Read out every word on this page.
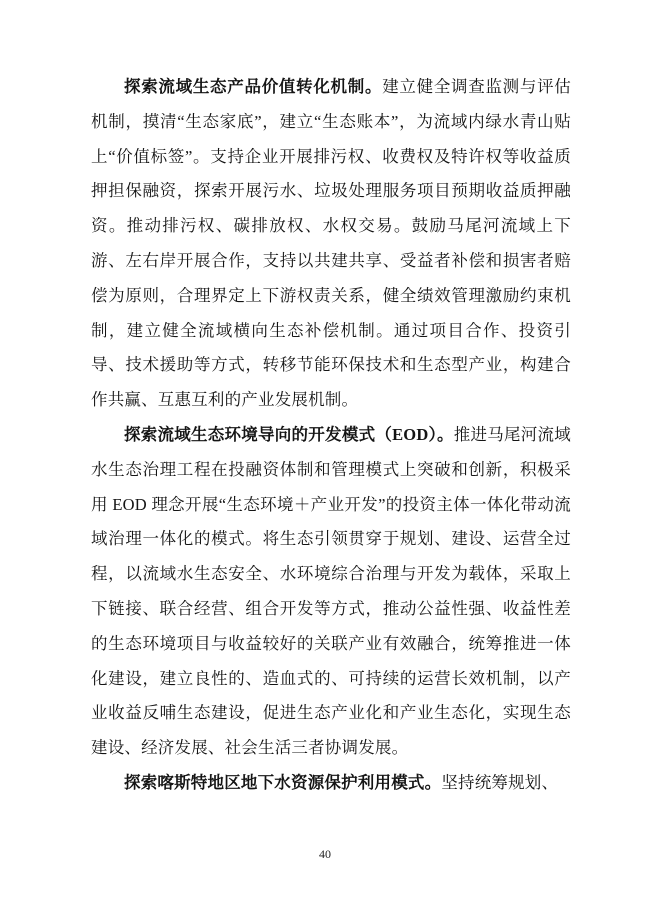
探索流域生态产品价值转化机制。建立健全调查监测与评估机制，摸清“生态家底”，建立“生态账本”，为流域内绿水青山贴上“价值标签”。支持企业开展排污权、收费权及特许权等收益质押担保融资，探索开展污水、垃圾处理服务项目预期收益质押融资。推动排污权、碳排放权、水权交易。鼓励马尾河流域上下游、左右岸开展合作，支持以共建共享、受益者补偿和损害者赔偿为原则，合理界定上下游权责关系，健全绩效管理激励约束机制，建立健全流域横向生态补偿机制。通过项目合作、投资引导、技术援助等方式，转移节能环保技术和生态型产业，构建合作共赢、互惠互利的产业发展机制。

探索流域生态环境导向的开发模式（EOD）。推进马尾河流域水生态治理工程在投融资体制和管理模式上突破和创新，积极采用 EOD 理念开展“生态环境＋产业开发”的投资主体一体化带动流域治理一体化的模式。将生态引领贯穿于规划、建设、运营全过程，以流域水生态安全、水环境综合治理与开发为载体，采取上下链接、联合经营、组合开发等方式，推动公益性强、收益性差的生态环境项目与收益较好的关联产业有效融合，统筹推进一体化建设，建立良性的、造血式的、可持续的运营长效机制，以产业收益反哺生态建设，促进生态产业化和产业生态化，实现生态建设、经济发展、社会生活三者协调发展。

探索喀斯特地区地下水资源保护利用模式。坚持统筹规划、

40
